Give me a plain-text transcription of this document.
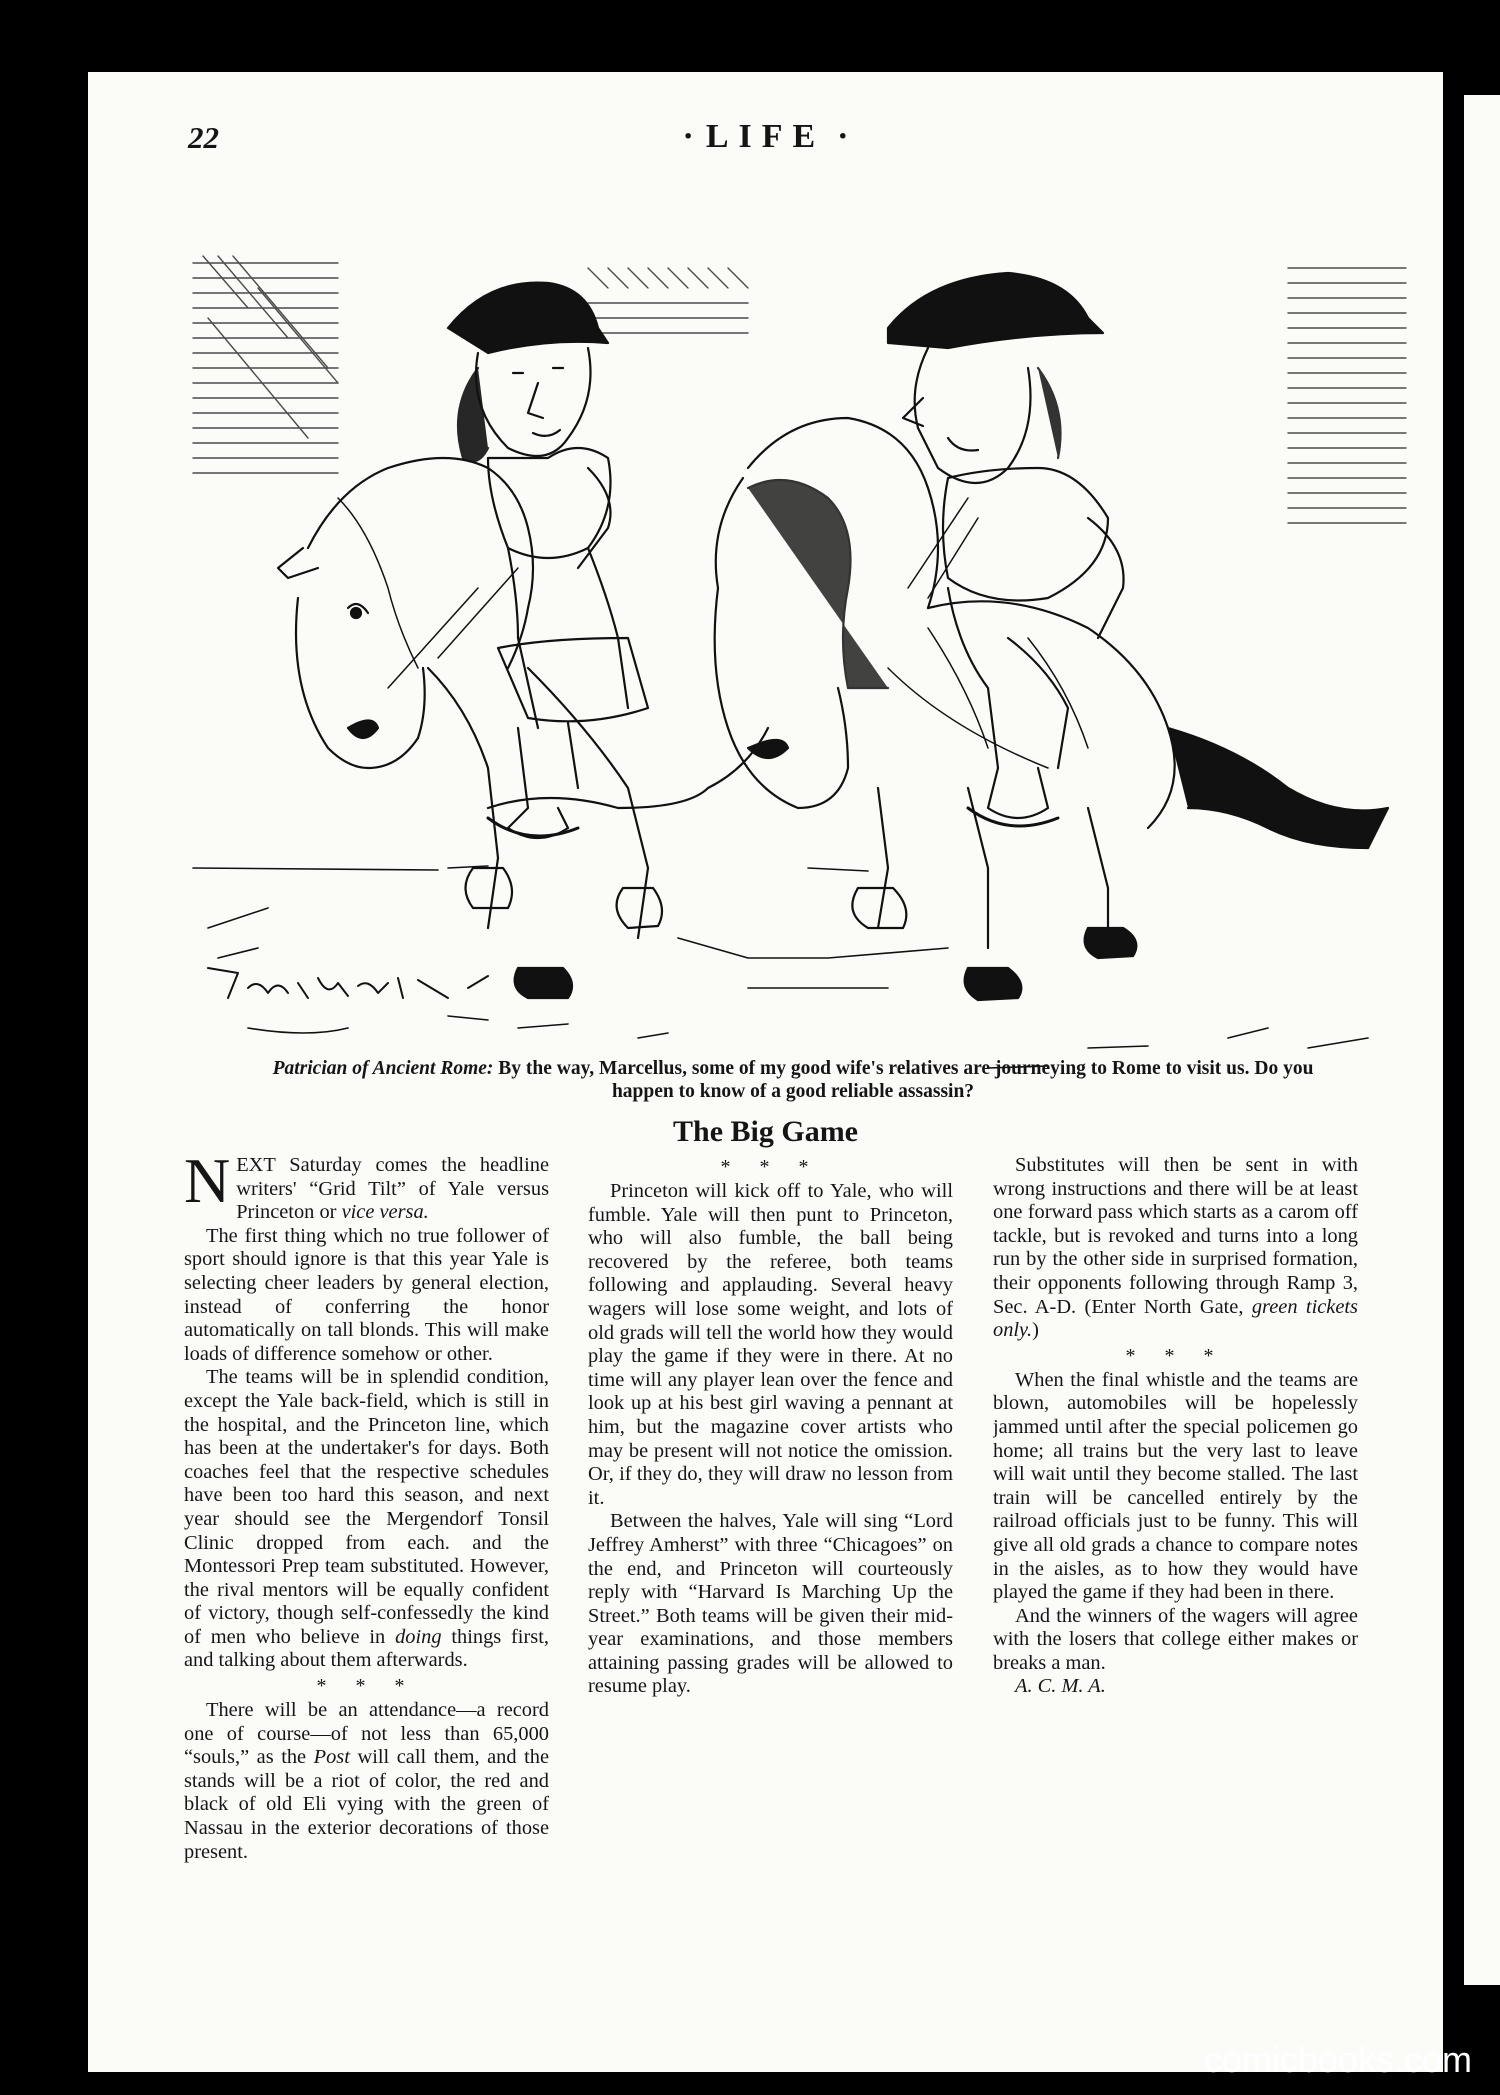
22	· LIFE ·
Patrician of Ancient Rome: By the way, Marcellus, some of my good wife's relatives are journeying to Rome to visit us. Do you happen to know of a good reliable assassin?
The Big Game

NEXT Saturday comes the headline writers' “Grid Tilt” of Yale versus Princeton or vice versa.

The first thing which no true follower of sport should ignore is that this year Yale is selecting cheer leaders by general election, instead of conferring the honor automatically on tall blonds. This will make loads of difference somehow or other.

The teams will be in splendid condition, except the Yale back-field, which is still in the hospital, and the Princeton line, which has been at the undertaker's for days. Both coaches feel that the respective schedules have been too hard this season, and next year should see the Mergendorf Tonsil Clinic dropped from each. and the Montessori Prep team substituted. However, the rival mentors will be equally confident of victory, though self-confessedly the kind of men who believe in doing things first, and talking about them afterwards.

* * *

There will be an attendance—a record one of course—of not less than 65,000 “souls,” as the Post will call them, and the stands will be a riot of color, the red and black of old Eli vying with the green of Nassau in the exterior decorations of those present.

* * *

Princeton will kick off to Yale, who will fumble. Yale will then punt to Princeton, who will also fumble, the ball being recovered by the referee, both teams following and applauding. Several heavy wagers will lose some weight, and lots of old grads will tell the world how they would play the game if they were in there. At no time will any player lean over the fence and look up at his best girl waving a pennant at him, but the magazine cover artists who may be present will not notice the omission. Or, if they do, they will draw no lesson from it.

Between the halves, Yale will sing “Lord Jeffrey Amherst” with three “Chicagoes” on the end, and Princeton will courteously reply with “Harvard Is Marching Up the Street.” Both teams will be given their mid-year examinations, and those members attaining passing grades will be allowed to resume play.

Substitutes will then be sent in with wrong instructions and there will be at least one forward pass which starts as a carom off tackle, but is revoked and turns into a long run by the other side in surprised formation, their opponents following through Ramp 3, Sec. A-D. (Enter North Gate, green tickets only.)

* * *

When the final whistle and the teams are blown, automobiles will be hopelessly jammed until after the special policemen go home; all trains but the very last to leave will wait until they become stalled. The last train will be cancelled entirely by the railroad officials just to be funny. This will give all old grads a chance to compare notes in the aisles, as to how they would have played the game if they had been in there.

And the winners of the wagers will agree with the losers that college either makes or breaks a man.

A. C. M. A.

comicbooks.com
